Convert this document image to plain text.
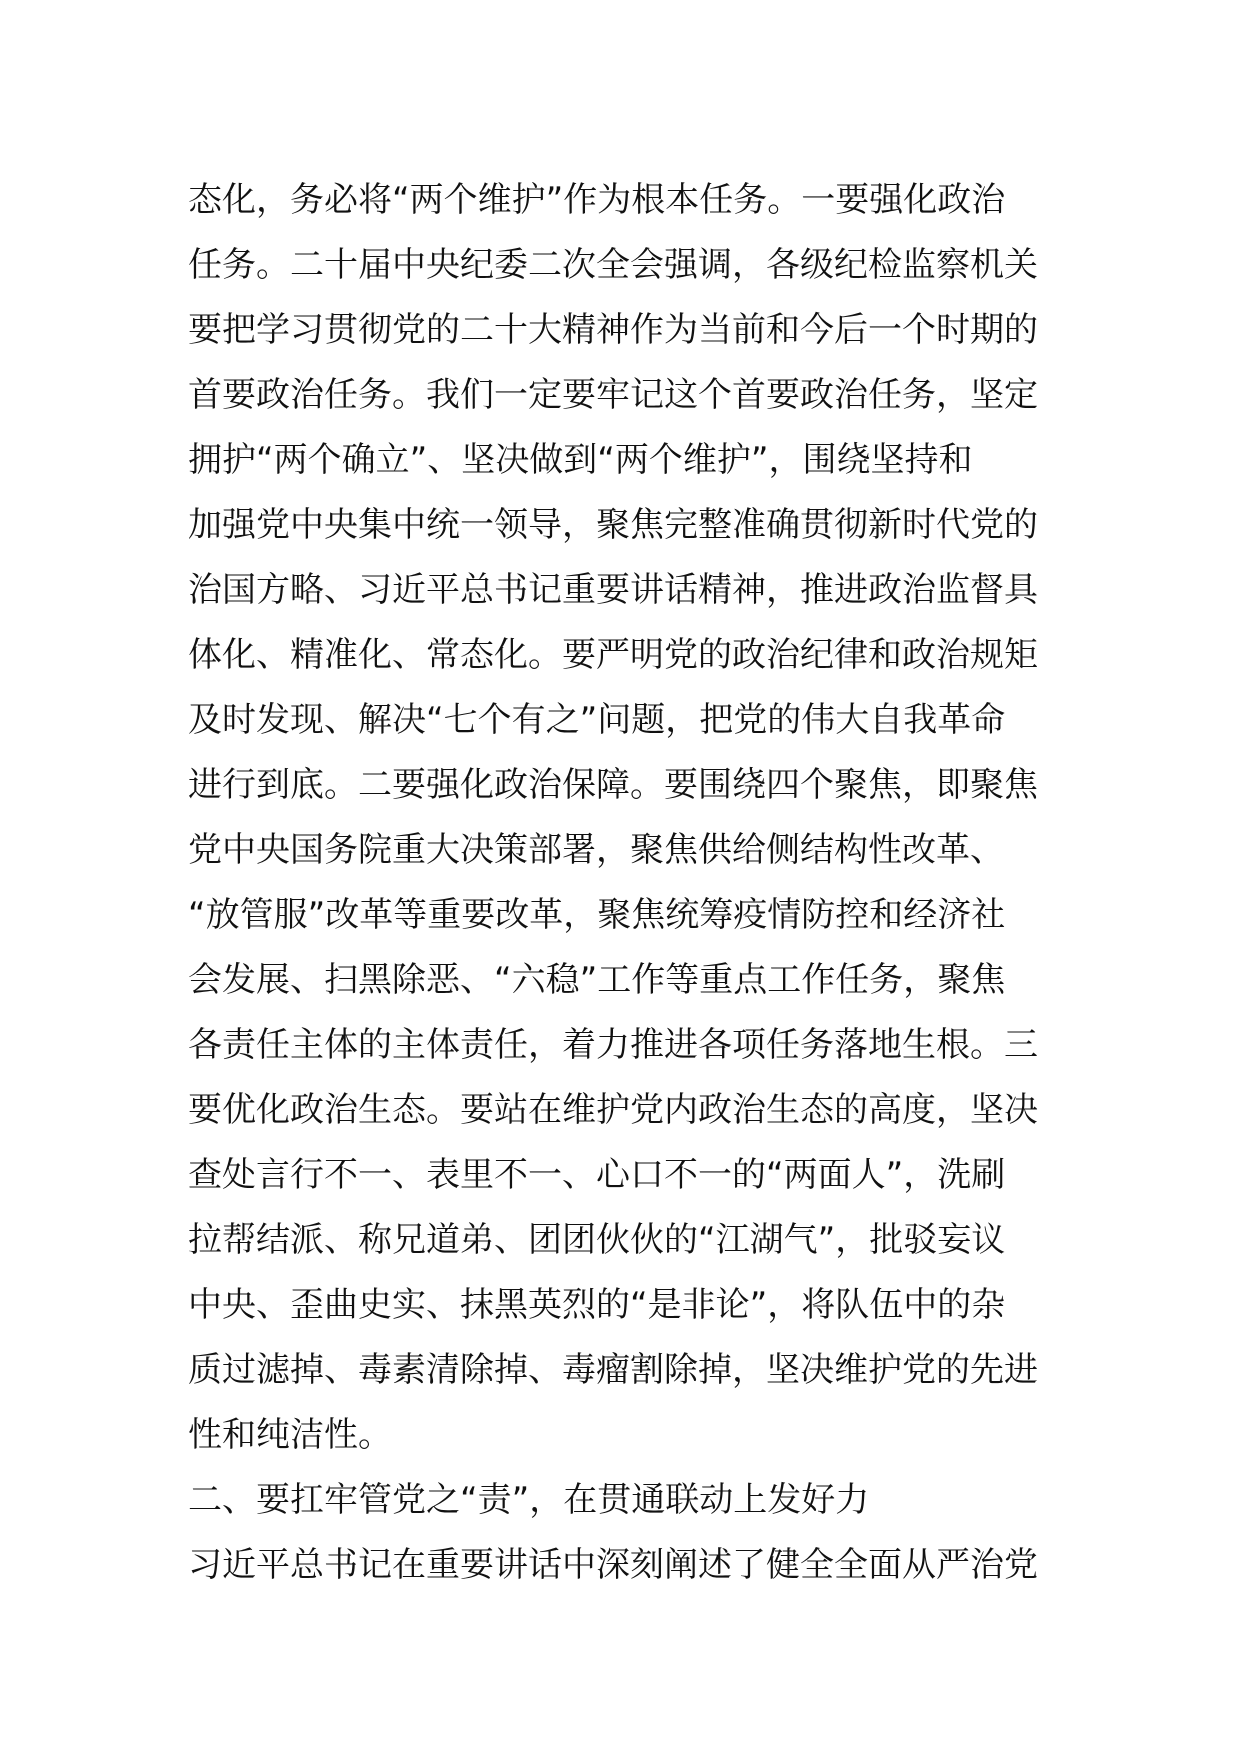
态化，务必将“两个维护”作为根本任务。一要强化政治
任务。二十届中央纪委二次全会强调，各级纪检监察机关
要把学习贯彻党的二十大精神作为当前和今后一个时期的
首要政治任务。我们一定要牢记这个首要政治任务，坚定
拥护“两个确立”、坚决做到“两个维护”，围绕坚持和
加强党中央集中统一领导，聚焦完整准确贯彻新时代党的
治国方略、习近平总书记重要讲话精神，推进政治监督具
体化、精准化、常态化。要严明党的政治纪律和政治规矩
及时发现、解决“七个有之”问题，把党的伟大自我革命
进行到底。二要强化政治保障。要围绕四个聚焦，即聚焦
党中央国务院重大决策部署，聚焦供给侧结构性改革、
“放管服”改革等重要改革，聚焦统筹疫情防控和经济社
会发展、扫黑除恶、“六稳”工作等重点工作任务，聚焦
各责任主体的主体责任，着力推进各项任务落地生根。三
要优化政治生态。要站在维护党内政治生态的高度，坚决
查处言行不一、表里不一、心口不一的“两面人”，洗刷
拉帮结派、称兄道弟、团团伙伙的“江湖气”，批驳妄议
中央、歪曲史实、抹黑英烈的“是非论”，将队伍中的杂
质过滤掉、毒素清除掉、毒瘤割除掉，坚决维护党的先进
性和纯洁性。
二、要扛牢管党之“责”，在贯通联动上发好力
习近平总书记在重要讲话中深刻阐述了健全全面从严治党
